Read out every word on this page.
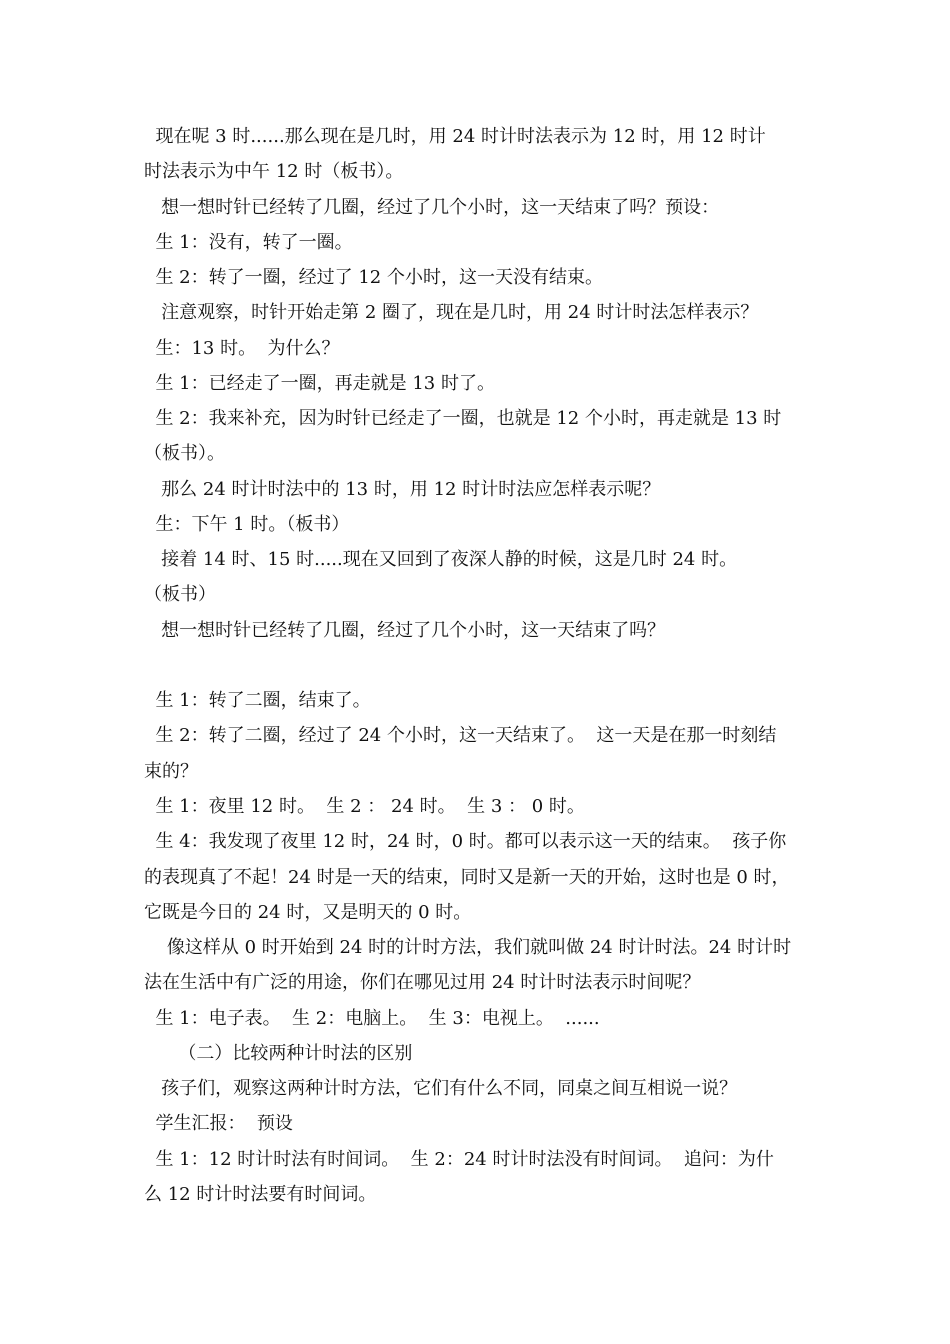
现在呢 3 时......那么现在是几时，用 24 时计时法表示为 12 时，用 12 时计

时法表示为中午 12 时（板书）。

想一想时针已经转了几圈，经过了几个小时，这一天结束了吗？预设：

生 1：没有，转了一圈。

生 2：转了一圈，经过了 12 个小时，这一天没有结束。

注意观察，时针开始走第 2 圈了，现在是几时，用 24 时计时法怎样表示？

生：13 时。  为什么？

生 1：已经走了一圈，再走就是 13 时了。

生 2：我来补充，因为时针已经走了一圈，也就是 12 个小时，再走就是 13 时

（板书）。

那么 24 时计时法中的 13 时，用 12 时计时法应怎样表示呢？

生：下午 1 时。（板书）

接着 14 时、15 时.....现在又回到了夜深人静的时候，这是几时 24 时。

（板书）

想一想时针已经转了几圈，经过了几个小时，这一天结束了吗？

生 1：转了二圈，结束了。

生 2：转了二圈，经过了 24 个小时，这一天结束了。  这一天是在那一时刻结

束的？

生 1：夜里 12 时。  生 2 ： 24 时。  生 3 ： 0 时。

生 4：我发现了夜里 12 时，24 时，0 时。都可以表示这一天的结束。  孩子你

的表现真了不起！24 时是一天的结束，同时又是新一天的开始，这时也是 0 时，

它既是今日的 24 时，又是明天的 0 时。

像这样从 0 时开始到 24 时的计时方法，我们就叫做 24 时计时法。24 时计时

法在生活中有广泛的用途，你们在哪见过用 24 时计时法表示时间呢？

生 1：电子表。  生 2：电脑上。  生 3：电视上。  ......

（二）比较两种计时法的区别

孩子们，观察这两种计时方法，它们有什么不同，同桌之间互相说一说？

学生汇报：  预设

生 1：12 时计时法有时间词。  生 2：24 时计时法没有时间词。  追问：为什

么 12 时计时法要有时间词。
